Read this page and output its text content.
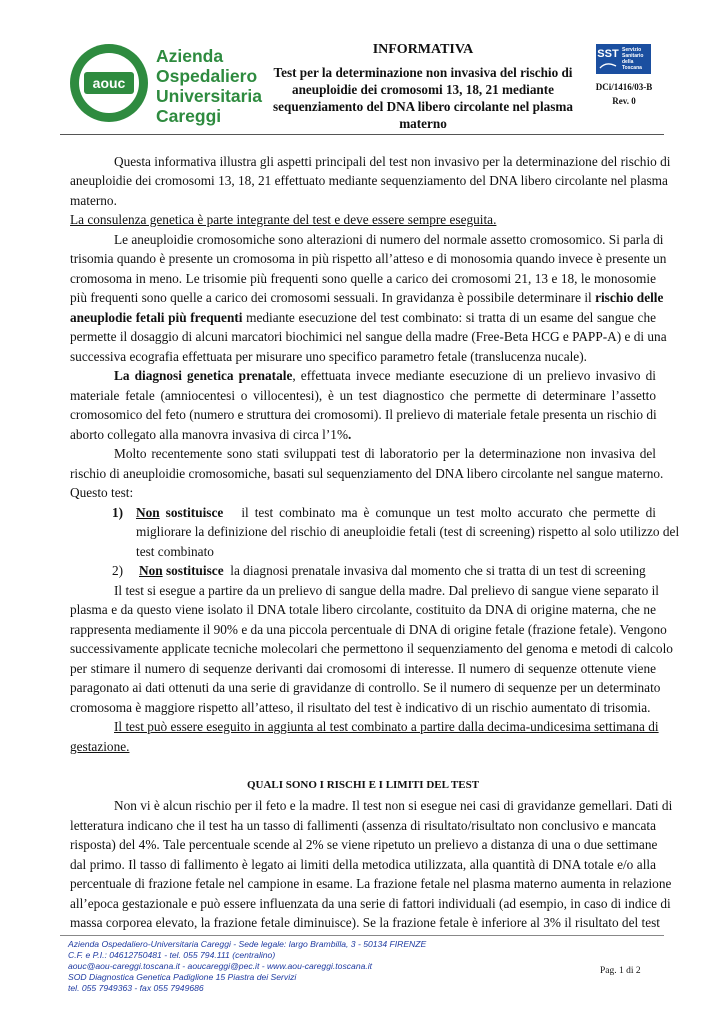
aouc
Azienda
Ospedaliero
Universitaria
Careggi
INFORMATIVA
Test per la determinazione non invasiva del rischio di
aneuploidie dei cromosomi 13, 18, 21 mediante
sequenziamento del DNA libero circolante nel plasma
materno
SST Servizio
Sanitario
della
Toscana
DCi/1416/03-B
Rev. 0
Questa informativa illustra gli aspetti principali del test non invasivo per la determinazione del rischio di
aneuploidie dei cromosomi 13, 18, 21 effettuato mediante sequenziamento del DNA libero circolante nel plasma
materno.
La consulenza genetica è parte integrante del test e deve essere sempre eseguita.
Le aneuploidie cromosomiche sono alterazioni di numero del normale assetto cromosomico. Si parla di
trisomia quando è presente un cromosoma in più rispetto all’atteso e di monosomia quando invece è presente un
cromosoma in meno. Le trisomie più frequenti sono quelle a carico dei cromosomi 21, 13 e 18, le monosomie
più frequenti sono quelle a carico dei cromosomi sessuali. In gravidanza è possibile determinare il rischio delle
aneuplodie fetali più frequenti mediante esecuzione del test combinato: si tratta di un esame del sangue che
permette il dosaggio di alcuni marcatori biochimici nel sangue della madre (Free-Beta HCG e PAPP-A) e di una
successiva ecografia effettuata per misurare uno specifico parametro fetale (translucenza nucale).
La diagnosi genetica prenatale, effettuata invece mediante esecuzione di un prelievo invasivo di
materiale fetale (amniocentesi o villocentesi), è un test diagnostico che permette di determinare l’assetto
cromosomico del feto (numero e struttura dei cromosomi). Il prelievo di materiale fetale presenta un rischio di
aborto collegato alla manovra invasiva di circa l’1%.
Molto recentemente sono stati sviluppati test di laboratorio per la determinazione non invasiva del
rischio di aneuploidie cromosomiche, basati sul sequenziamento del DNA libero circolante nel sangue materno.
Questo test:
1) Non sostituisce il test combinato ma è comunque un test molto accurato che permette di
migliorare la definizione del rischio di aneuploidie fetali (test di screening) rispetto al solo utilizzo del
test combinato
2)	Non sostituisce la diagnosi prenatale invasiva dal momento che si tratta di un test di screening
Il test si esegue a partire da un prelievo di sangue della madre. Dal prelievo di sangue viene separato il
plasma e da questo viene isolato il DNA totale libero circolante, costituito da DNA di origine materna, che ne
rappresenta mediamente il 90% e da una piccola percentuale di DNA di origine fetale (frazione fetale). Vengono
successivamente applicate tecniche molecolari che permettono il sequenziamento del genoma e metodi di calcolo
per stimare il numero di sequenze derivanti dai cromosomi di interesse. Il numero di sequenze ottenute viene
paragonato ai dati ottenuti da una serie di gravidanze di controllo. Se il numero di sequenze per un determinato
cromosoma è maggiore rispetto all’atteso, il risultato del test è indicativo di un rischio aumentato di trisomia.
Il test può essere eseguito in aggiunta al test combinato a partire dalla decima-undicesima settimana di
gestazione.
QUALI SONO I RISCHI E I LIMITI DEL TEST
Non vi è alcun rischio per il feto e la madre. Il test non si esegue nei casi di gravidanze gemellari. Dati di
letteratura indicano che il test ha un tasso di fallimenti (assenza di risultato/risultato non conclusivo e mancata
risposta) del 4%. Tale percentuale scende al 2% se viene ripetuto un prelievo a distanza di una o due settimane
dal primo. Il tasso di fallimento è legato ai limiti della metodica utilizzata, alla quantità di DNA totale e/o alla
percentuale di frazione fetale nel campione in esame. La frazione fetale nel plasma materno aumenta in relazione
all’epoca gestazionale e può essere influenzata da una serie di fattori individuali (ad esempio, in caso di indice di
massa corporea elevato, la frazione fetale diminuisce). Se la frazione fetale è inferiore al 3% il risultato del test
Azienda Ospedaliero-Universitaria Careggi - Sede legale: largo Brambilla, 3 - 50134 FIRENZE
C.F. e P.I.: 04612750481 - tel. 055 794.111 (centralino)
aouc@aou-careggi.toscana.it - aoucareggi@pec.it - www.aou-careggi.toscana.it
SOD Diagnostica Genetica Padiglione 15 Piastra dei Servizi
tel. 055 7949363 - fax 055 7949686
Pag. 1 di 2
